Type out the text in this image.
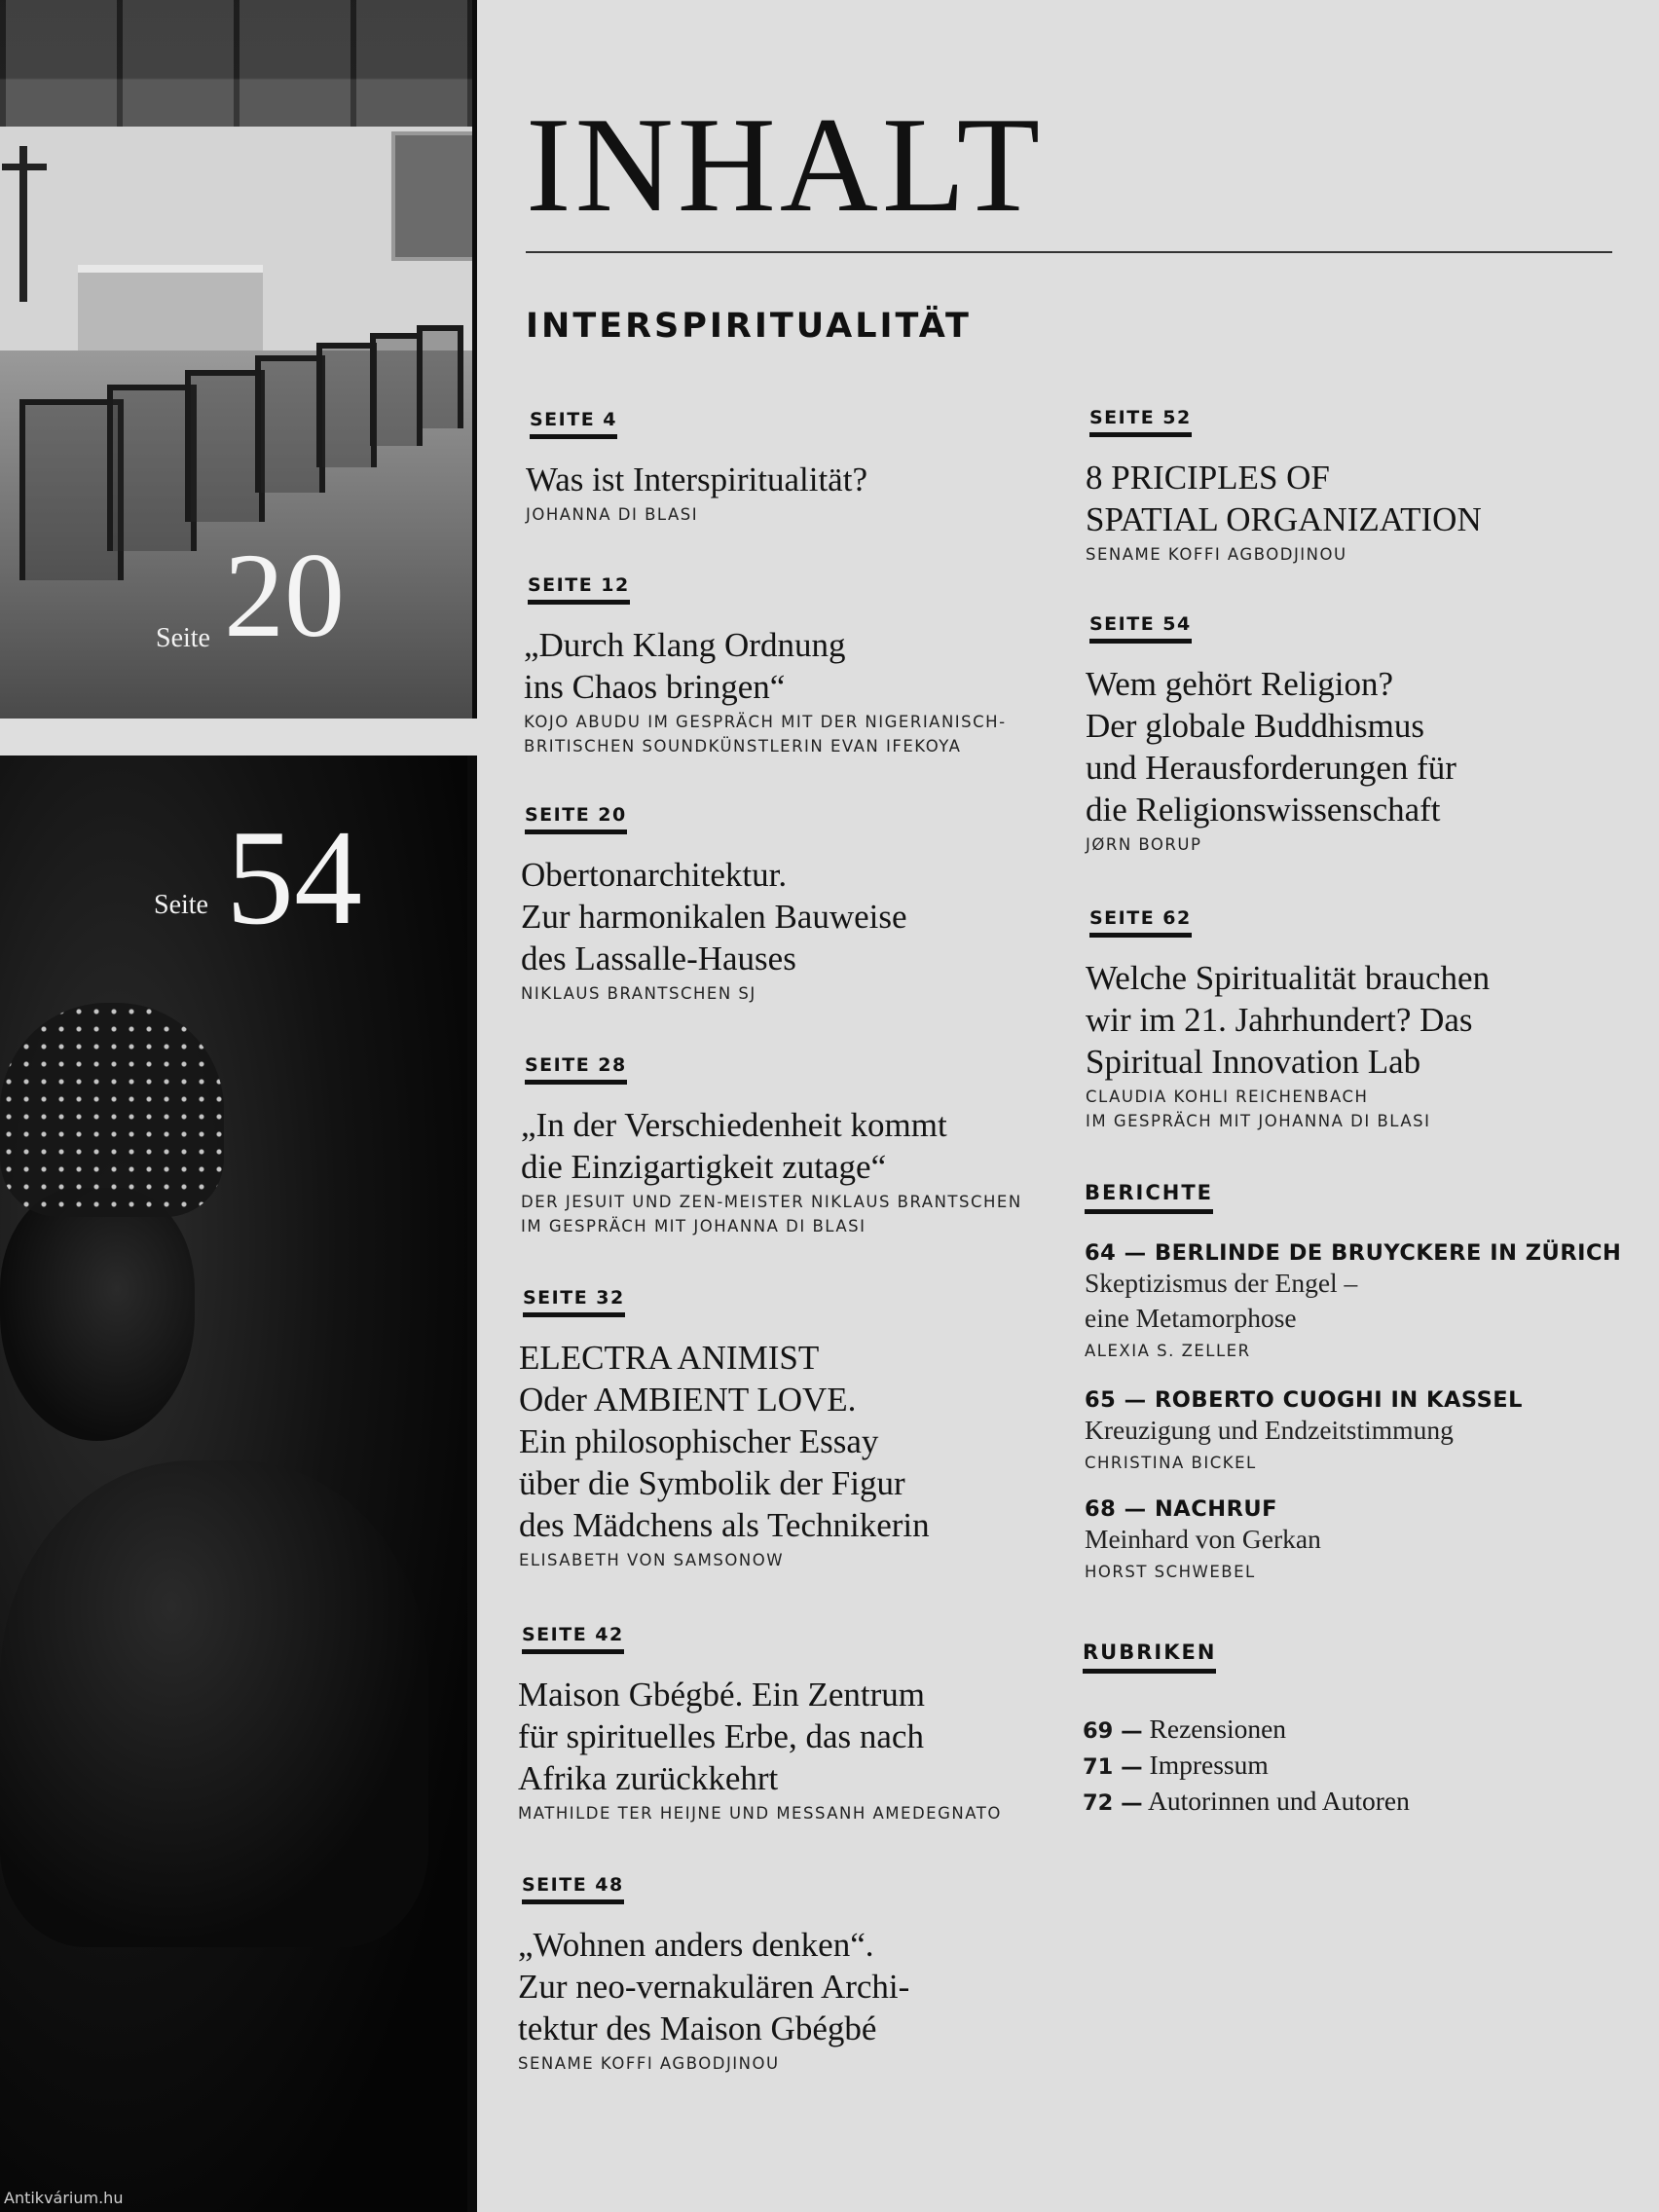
Seite 20
Seite 54
Antikvárium.hu
INHALT
INTERSPIRITUALITÄT
SEITE 4
Was ist Interspiritualität?
JOHANNA DI BLASI
SEITE 12
„Durch Klang Ordnung
ins Chaos bringen“
KOJO ABUDU IM GESPRÄCH MIT DER NIGERIANISCH-
BRITISCHEN SOUNDKÜNSTLERIN EVAN IFEKOYA
SEITE 20
Obertonarchitektur.
Zur harmonikalen Bauweise
des Lassalle-Hauses
NIKLAUS BRANTSCHEN SJ
SEITE 28
„In der Verschiedenheit kommt
die Einzigartigkeit zutage“
DER JESUIT UND ZEN-MEISTER NIKLAUS BRANTSCHEN
IM GESPRÄCH MIT JOHANNA DI BLASI
SEITE 32
ELECTRA ANIMIST
Oder AMBIENT LOVE.
Ein philosophischer Essay
über die Symbolik der Figur
des Mädchens als Technikerin
ELISABETH VON SAMSONOW
SEITE 42
Maison Gbégbé. Ein Zentrum
für spirituelles Erbe, das nach
Afrika zurückkehrt
MATHILDE TER HEIJNE UND MESSANH AMEDEGNATO
SEITE 48
„Wohnen anders denken“.
Zur neo-vernakulären Archi-
tektur des Maison Gbégbé
SENAME KOFFI AGBODJINOU
SEITE 52
8 PRICIPLES OF
SPATIAL ORGANIZATION
SENAME KOFFI AGBODJINOU
SEITE 54
Wem gehört Religion?
Der globale Buddhismus
und Herausforderungen für
die Religionswissenschaft
JØRN BORUP
SEITE 62
Welche Spiritualität brauchen
wir im 21. Jahrhundert? Das
Spiritual Innovation Lab
CLAUDIA KOHLI REICHENBACH
IM GESPRÄCH MIT JOHANNA DI BLASI
BERICHTE
64 — BERLINDE DE BRUYCKERE IN ZÜRICH
Skeptizismus der Engel –
eine Metamorphose
ALEXIA S. ZELLER
65 — ROBERTO CUOGHI IN KASSEL
Kreuzigung und Endzeitstimmung
CHRISTINA BICKEL
68 — NACHRUF
Meinhard von Gerkan
HORST SCHWEBEL
RUBRIKEN
69 — Rezensionen
71 — Impressum
72 — Autorinnen und Autoren
